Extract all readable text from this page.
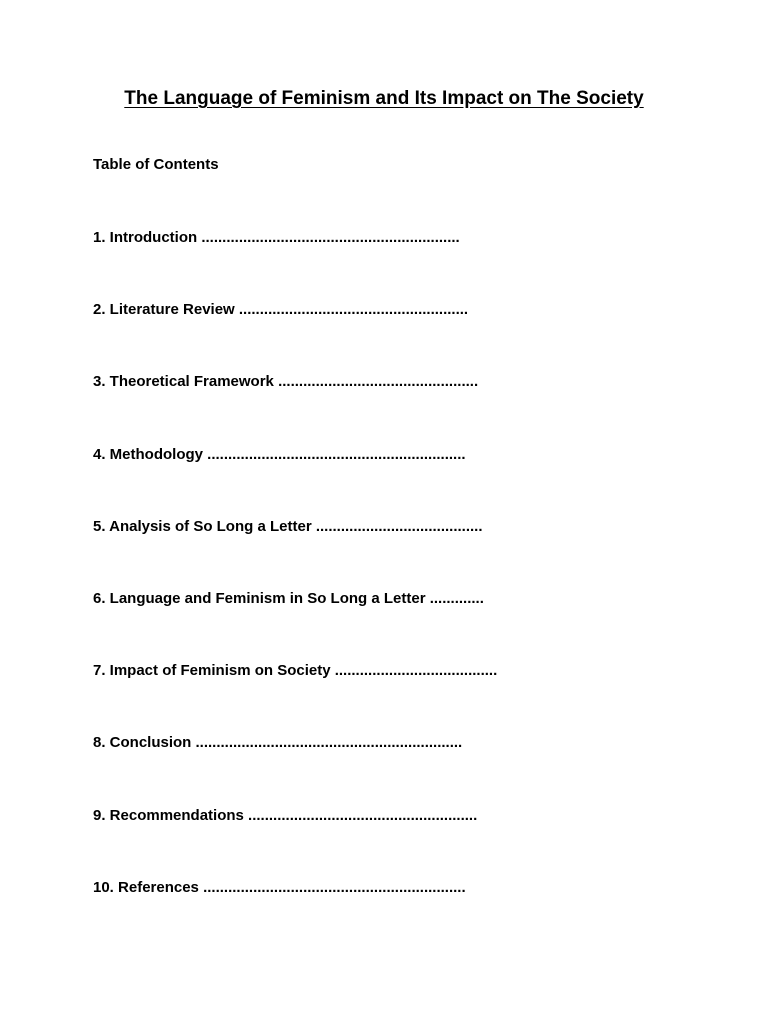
The Language of Feminism and Its Impact on The Society
Table of Contents
1. Introduction ..............................................................
2. Literature Review .......................................................
3. Theoretical Framework ................................................
4. Methodology ..............................................................
5. Analysis of So Long a Letter ........................................
6. Language and Feminism in So Long a Letter .............
7. Impact of Feminism on Society .......................................
8. Conclusion ................................................................
9. Recommendations .......................................................
10. References ...............................................................
